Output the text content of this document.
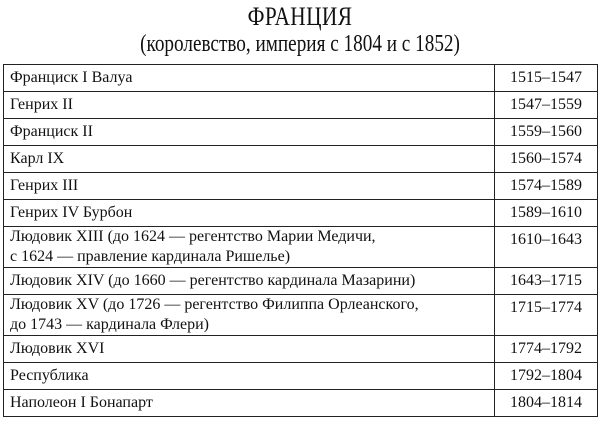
ФРАНЦИЯ
(королевство, империя с 1804 и с 1852)
Франциск I Валуа	1515–1547
Генрих II	1547–1559
Франциск II	1559–1560
Карл IX	1560–1574
Генрих III	1574–1589
Генрих IV Бурбон	1589–1610

Людовик XIII (до 1624 — регентство Марии Медичи,
с 1624 — правление кардинала Ришелье)	1610–1643
Людовик XIV (до 1660 — регентство кардинала Мазарини)	1643–1715

Людовик XV (до 1726 — регентство Филиппа Орлеанского,
до 1743 — кардинала Флери)	1715–1774
Людовик XVI	1774–1792
Республика	1792–1804
Наполеон I Бонапарт	1804–1814
